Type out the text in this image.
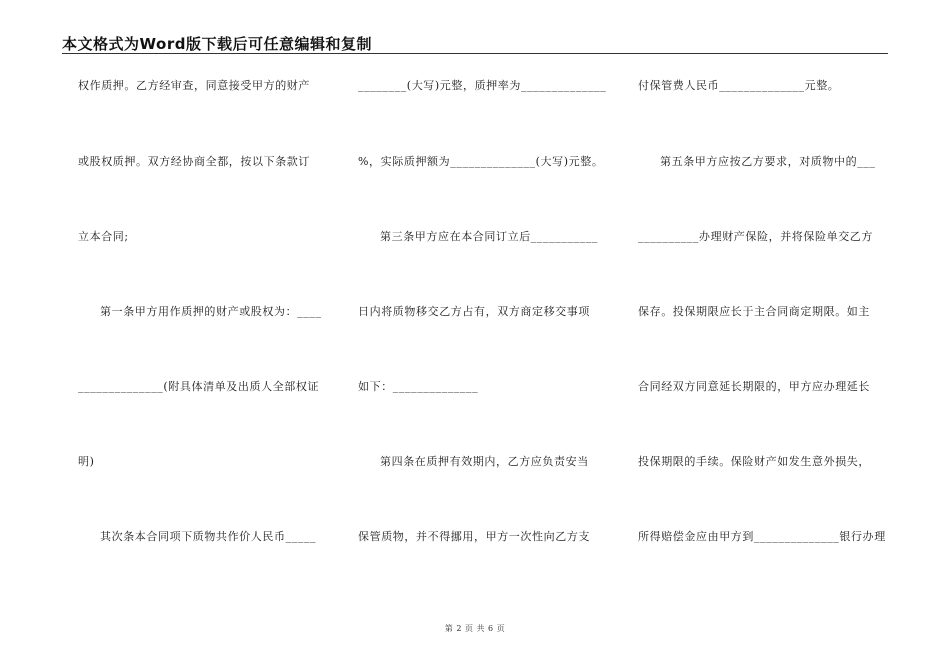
本文格式为Word版下载后可任意编辑和复制
权作质押。乙方经审查，同意接受甲方的财产
或股权质押。双方经协商全都，按以下条款订
立本合同;
第一条甲方用作质押的财产或股权为：____
______________(附具体清单及出质人全部权证
明)
其次条本合同项下质物共作价人民币_____
________(大写)元整，质押率为______________
%，实际质押额为______________(大写)元整。
第三条甲方应在本合同订立后___________
日内将质物移交乙方占有，双方商定移交事项
如下：______________
第四条在质押有效期内，乙方应负责安当
保管质物，并不得挪用，甲方一次性向乙方支
付保管费人民币______________元整。
第五条甲方应按乙方要求，对质物中的___
__________办理财产保险，并将保险单交乙方
保存。投保期限应长于主合同商定期限。如主
合同经双方同意延长期限的，甲方应办理延长
投保期限的手续。保险财产如发生意外损失，
所得赔偿金应由甲方到______________银行办理
第 2 页 共 6 页
